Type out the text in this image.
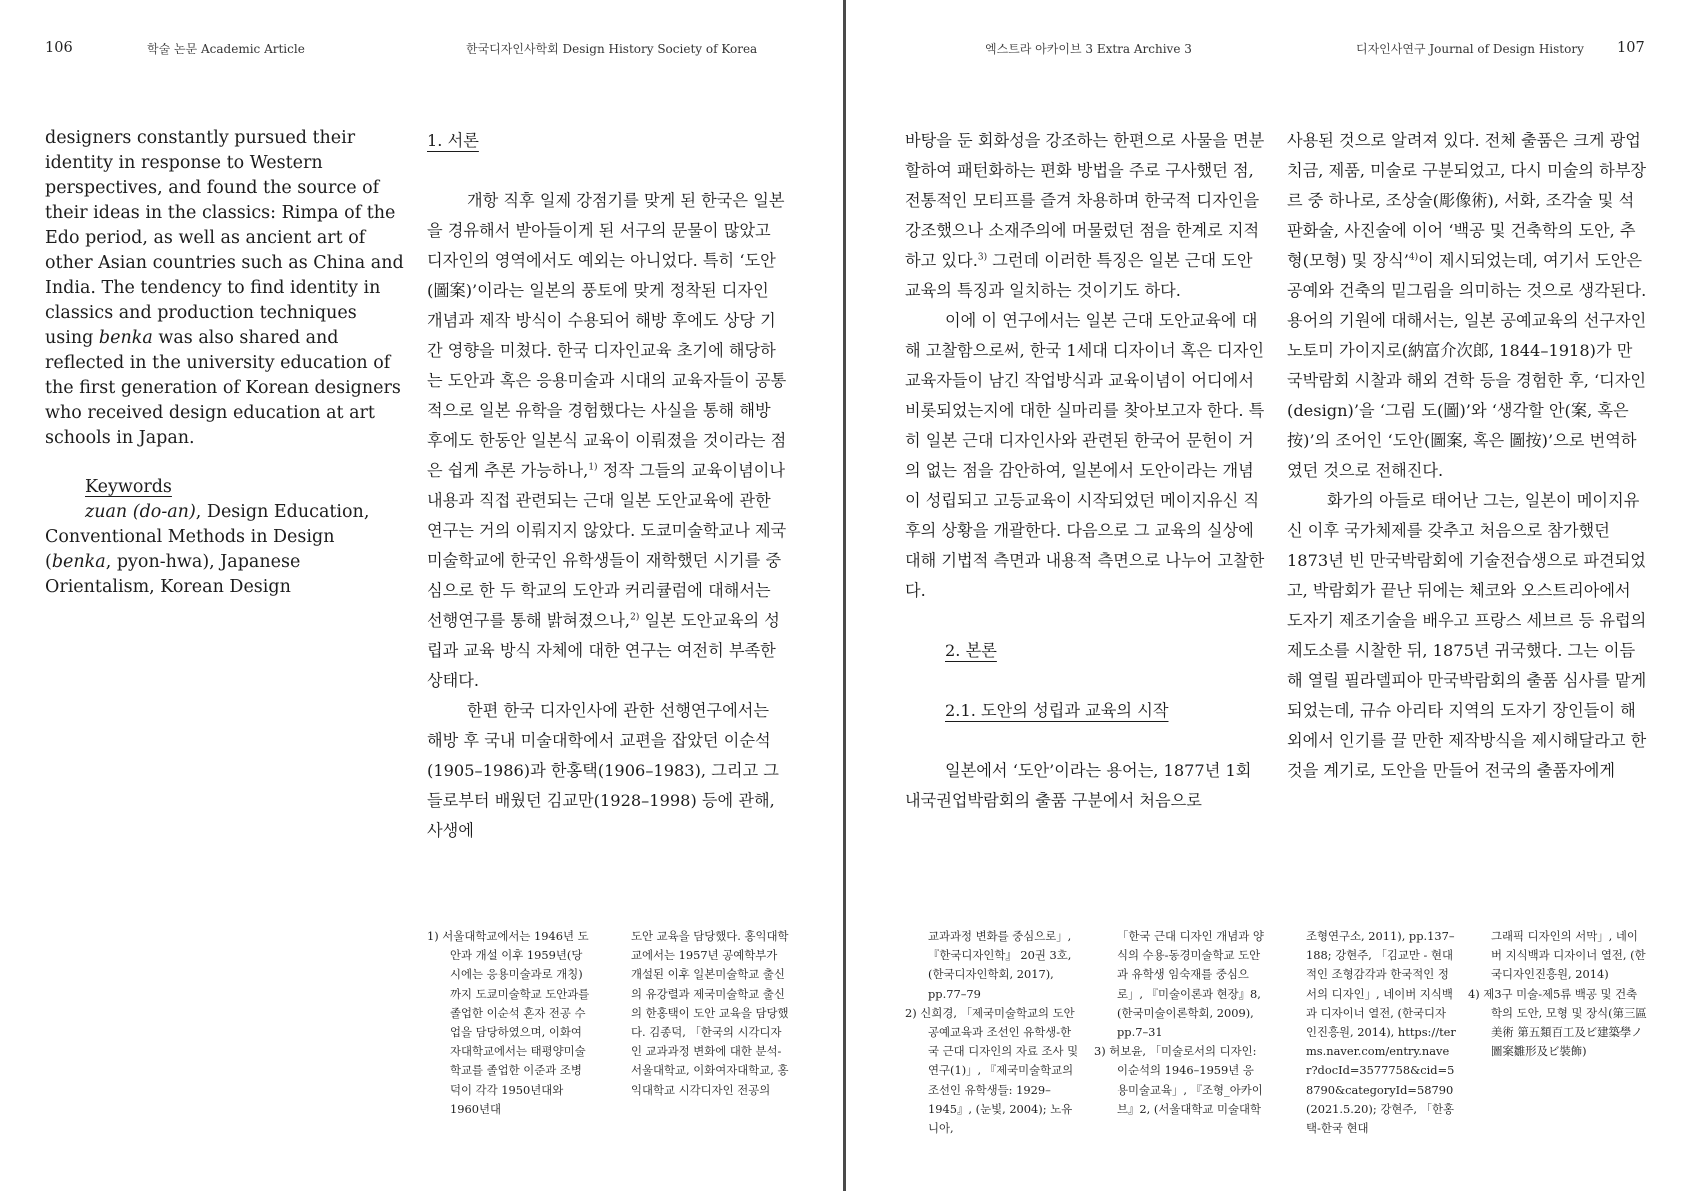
106	학술 논문 Academic Article	한국디자인사학회 Design History Society of Korea

designers constantly pursued their identity in response to Western perspectives, and found the source of their ideas in the classics: Rimpa of the Edo period, as well as ancient art of other Asian countries such as China and India. The tendency to find identity in classics and production techniques using benka was also shared and reflected in the university education of the first generation of Korean designers who received design education at art schools in Japan.

Keywords

zuan (do-an), Design Education, Conventional Methods in Design (benka, pyon-hwa), Japanese Orientalism, Korean Design

1. 서론

개항 직후 일제 강점기를 맞게 된 한국은 일본을 경유해서 받아들이게 된 서구의 문물이 많았고 디자인의 영역에서도 예외는 아니었다. 특히 ‘도안(圖案)’이라는 일본의 풍토에 맞게 정착된 디자인 개념과 제작 방식이 수용되어 해방 후에도 상당 기간 영향을 미쳤다. 한국 디자인교육 초기에 해당하는 도안과 혹은 응용미술과 시대의 교육자들이 공통적으로 일본 유학을 경험했다는 사실을 통해 해방 후에도 한동안 일본식 교육이 이뤄졌을 것이라는 점은 쉽게 추론 가능하나,$^{1)}$ 정작 그들의 교육이념이나 내용과 직접 관련되는 근대 일본 도안교육에 관한 연구는 거의 이뤄지지 않았다. 도쿄미술학교나 제국미술학교에 한국인 유학생들이 재학했던 시기를 중심으로 한 두 학교의 도안과 커리큘럼에 대해서는 선행연구를 통해 밝혀졌으나,$^{2)}$ 일본 도안교육의 성립과 교육 방식 자체에 대한 연구는 여전히 부족한 상태다.

한편 한국 디자인사에 관한 선행연구에서는 해방 후 국내 미술대학에서 교편을 잡았던 이순석(1905–1986)과 한홍택(1906–1983), 그리고 그들로부터 배웠던 김교만(1928–1998) 등에 관해, 사생에

1) 서울대학교에서는 1946년 도안과 개설 이후 1959년(당시에는 응용미술과로 개칭)까지 도쿄미술학교 도안과를 졸업한 이순석 혼자 전공 수업을 담당하였으며, 이화여자대학교에서는 태평양미술학교를 졸업한 이준과 조병덕이 각각 1950년대와 1960년대

도안 교육을 담당했다. 홍익대학교에서는 1957년 공예학부가 개설된 이후 일본미술학교 출신의 유강렬과 제국미술학교 출신의 한홍택이 도안 교육을 담당했다. 김종덕, 「한국의 시각디자인 교과과정 변화에 대한 분석-서울대학교, 이화여자대학교, 홍익대학교 시각디자인 전공의

엑스트라 아카이브 3 Extra Archive 3	디자인사연구 Journal of Design History 107

바탕을 둔 회화성을 강조하는 한편으로 사물을 면분할하여 패턴화하는 편화 방법을 주로 구사했던 점, 전통적인 모티프를 즐겨 차용하며 한국적 디자인을 강조했으나 소재주의에 머물렀던 점을 한계로 지적하고 있다.$^{3)}$ 그런데 이러한 특징은 일본 근대 도안교육의 특징과 일치하는 것이기도 하다.

이에 이 연구에서는 일본 근대 도안교육에 대해 고찰함으로써, 한국 1세대 디자이너 혹은 디자인 교육자들이 남긴 작업방식과 교육이념이 어디에서 비롯되었는지에 대한 실마리를 찾아보고자 한다. 특히 일본 근대 디자인사와 관련된 한국어 문헌이 거의 없는 점을 감안하여, 일본에서 도안이라는 개념이 성립되고 고등교육이 시작되었던 메이지유신 직후의 상황을 개괄한다. 다음으로 그 교육의 실상에 대해 기법적 측면과 내용적 측면으로 나누어 고찰한다.

2. 본론
2.1. 도안의 성립과 교육의 시작

일본에서 ‘도안’이라는 용어는, 1877년 1회 내국권업박람회의 출품 구분에서 처음으로

사용된 것으로 알려져 있다. 전체 출품은 크게 광업치금, 제품, 미술로 구분되었고, 다시 미술의 하부장르 중 하나로, 조상술(彫像術), 서화, 조각술 및 석판화술, 사진술에 이어 ‘백공 및 건축학의 도안, 추형(모형) 및 장식’$^{4)}$이 제시되었는데, 여기서 도안은 공예와 건축의 밑그림을 의미하는 것으로 생각된다. 용어의 기원에 대해서는, 일본 공예교육의 선구자인 노토미 가이지로(納富介次郎, 1844–1918)가 만국박람회 시찰과 해외 견학 등을 경험한 후, ‘디자인(design)’을 ‘그림 도(圖)’와 ‘생각할 안(案, 혹은 按)’의 조어인 ‘도안(圖案, 혹은 圖按)’으로 번역하였던 것으로 전해진다.

화가의 아들로 태어난 그는, 일본이 메이지유신 이후 국가체제를 갖추고 처음으로 참가했던 1873년 빈 만국박람회에 기술전습생으로 파견되었고, 박람회가 끝난 뒤에는 체코와 오스트리아에서 도자기 제조기술을 배우고 프랑스 세브르 등 유럽의 제도소를 시찰한 뒤, 1875년 귀국했다. 그는 이듬해 열릴 필라델피아 만국박람회의 출품 심사를 맡게 되었는데, 규슈 아리타 지역의 도자기 장인들이 해외에서 인기를 끌 만한 제작방식을 제시해달라고 한 것을 계기로, 도안을 만들어 전국의 출품자에게

교과과정 변화를 중심으로」, 『한국디자인학』 20권 3호, (한국디자인학회, 2017), pp.77–79

2) 신희경, 「제국미술학교의 도안공예교육과 조선인 유학생-한국 근대 디자인의 자료 조사 및 연구(1)」, 『제국미술학교의 조선인 유학생들: 1929–1945』, (눈빛, 2004); 노유니아,

「한국 근대 디자인 개념과 양식의 수용-동경미술학교 도안과 유학생 임숙재를 중심으로」, 『미술이론과 현장』8, (한국미술이론학회, 2009), pp.7–31

3) 허보윤, 「미술로서의 디자인: 이순석의 1946–1959년 응용미술교육」, 『조형_아카이브』2, (서울대학교 미술대학

조형연구소, 2011), pp.137–188; 강현주, 「김교만 - 현대적인 조형감각과 한국적인 정서의 디자인」, 네이버 지식백과 디자이너 열전, (한국디자인진흥원, 2014), https://terms.naver.com/entry.naver?docId=3577758&cid=58790&categoryId=58790 (2021.5.20); 강현주, 「한홍택-한국 현대

그래픽 디자인의 서막」, 네이버 지식백과 디자이너 열전, (한국디자인진흥원, 2014)

4) 제3구 미술-제5류 백공 및 건축학의 도안, 모형 및 장식(第三區美術 第五類百工及ビ建築學ノ圖案雛形及ビ裝飾)
